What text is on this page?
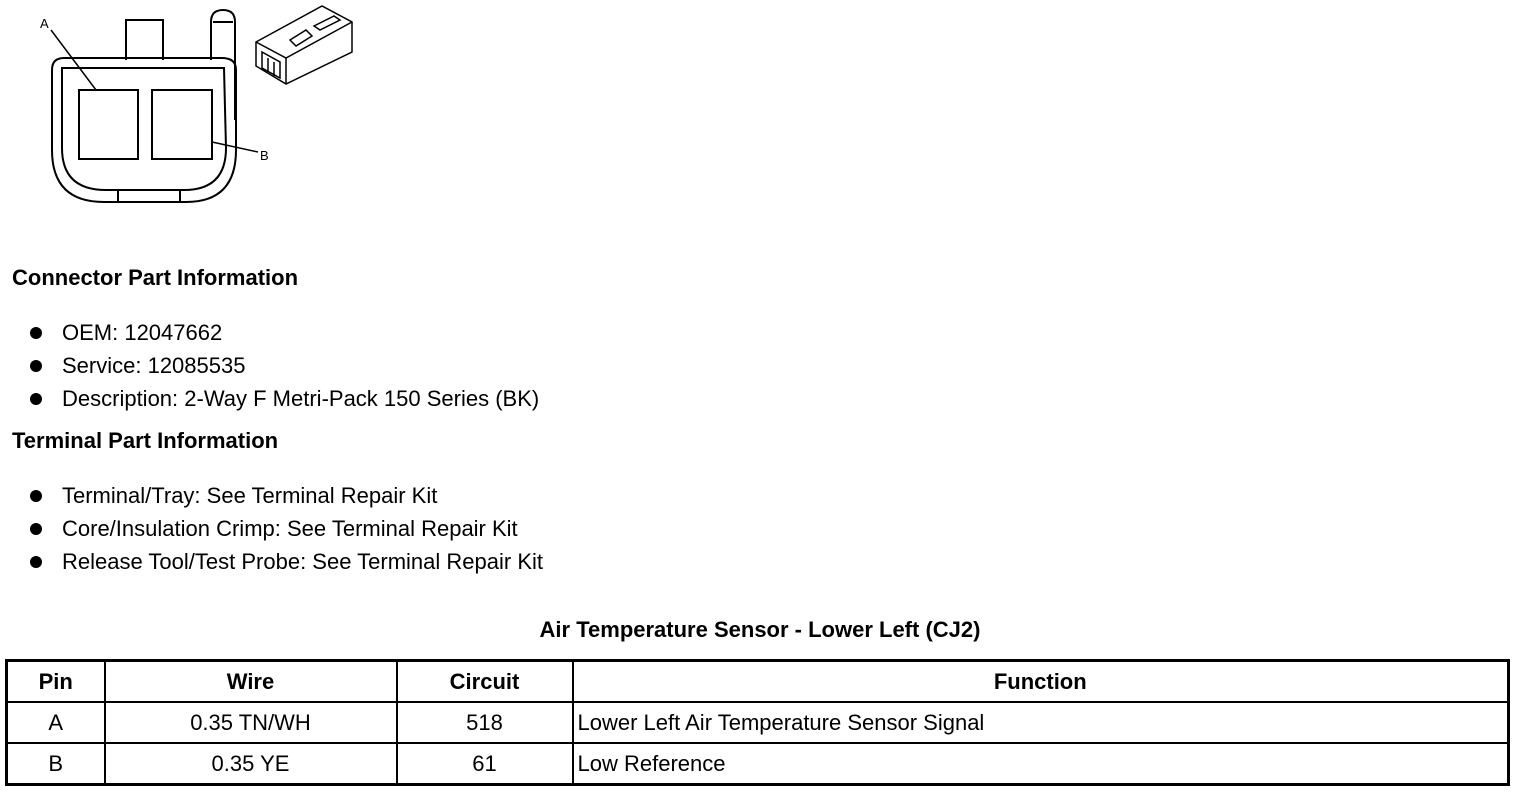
A
B
Connector Part Information
OEM: 12047662
Service: 12085535
Description: 2-Way F Metri-Pack 150 Series (BK)
Terminal Part Information
Terminal/Tray: See Terminal Repair Kit
Core/Insulation Crimp: See Terminal Repair Kit
Release Tool/Test Probe: See Terminal Repair Kit
Air Temperature Sensor - Lower Left (CJ2)
Pin	Wire	Circuit	Function
A	0.35 TN/WH	518	Lower Left Air Temperature Sensor Signal
B	0.35 YE	61	Low Reference
